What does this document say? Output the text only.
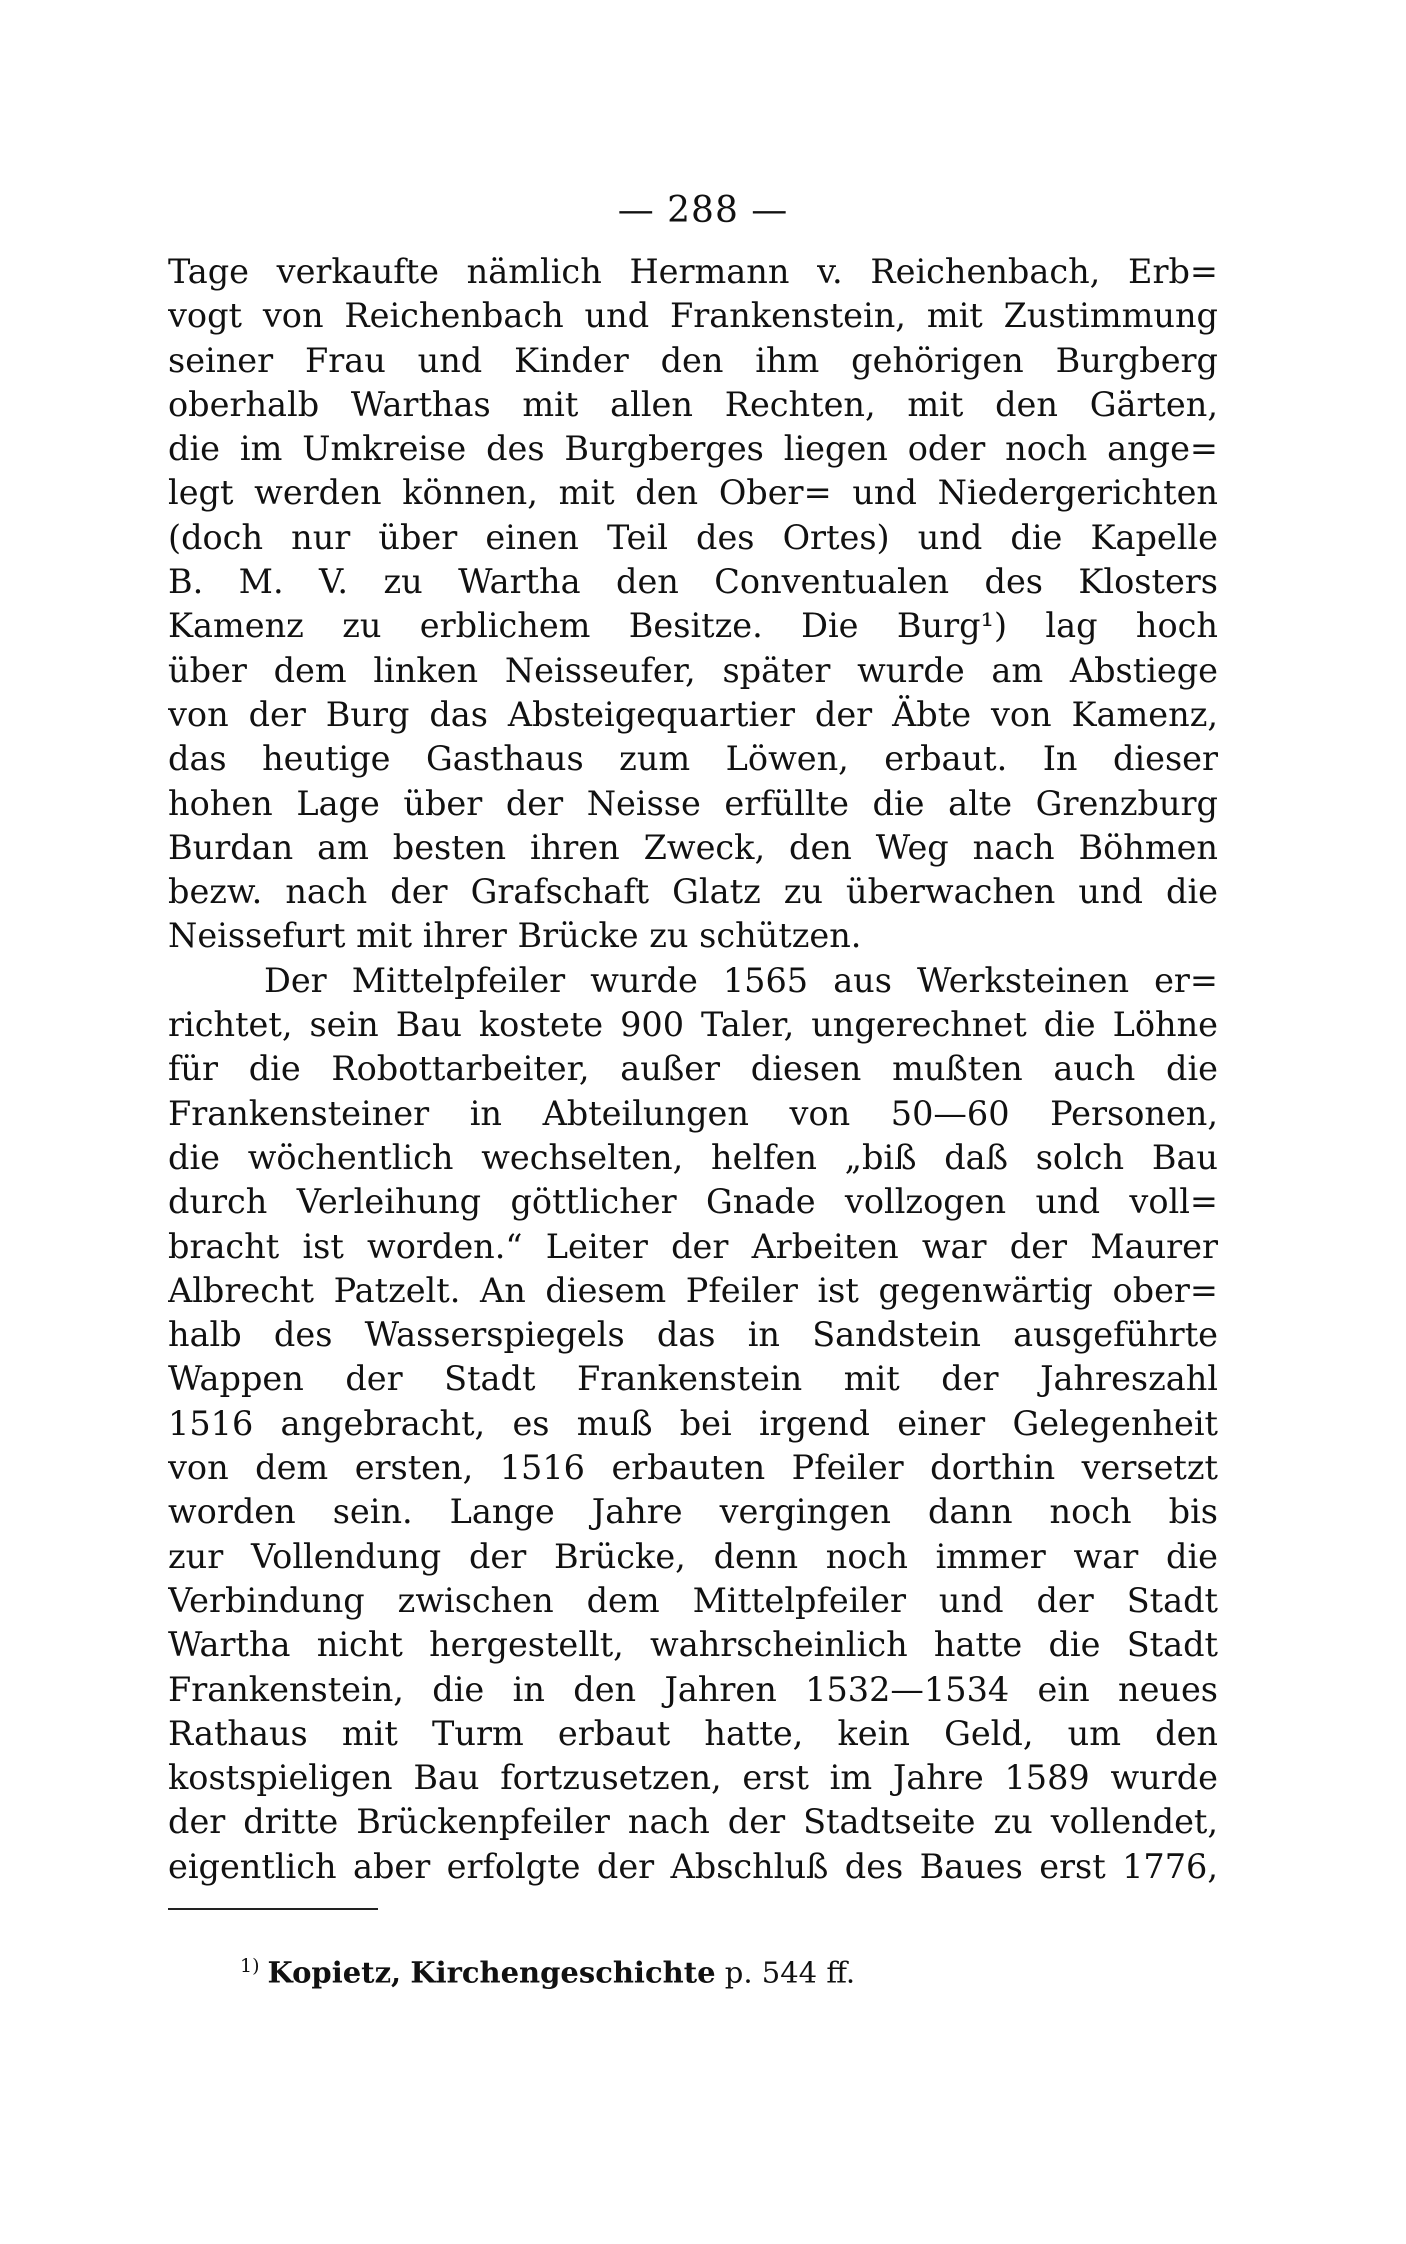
— 288 —
Tage verkaufte nämlich Hermann v. Reichenbach, Erb=
vogt von Reichenbach und Frankenstein, mit Zustimmung
seiner Frau und Kinder den ihm gehörigen Burgberg
oberhalb Warthas mit allen Rechten, mit den Gärten,
die im Umkreise des Burgberges liegen oder noch ange=
legt werden können, mit den Ober= und Niedergerichten
(doch nur über einen Teil des Ortes) und die Kapelle
B. M. V. zu Wartha den Conventualen des Klosters
Kamenz zu erblichem Besitze. Die Burg¹) lag hoch
über dem linken Neisseufer, später wurde am Abstiege
von der Burg das Absteigequartier der Äbte von Kamenz,
das heutige Gasthaus zum Löwen, erbaut. In dieser
hohen Lage über der Neisse erfüllte die alte Grenzburg
Burdan am besten ihren Zweck, den Weg nach Böhmen
bezw. nach der Grafschaft Glatz zu überwachen und die
Neissefurt mit ihrer Brücke zu schützen.
Der Mittelpfeiler wurde 1565 aus Werksteinen er=
richtet, sein Bau kostete 900 Taler, ungerechnet die Löhne
für die Robottarbeiter, außer diesen mußten auch die
Frankensteiner in Abteilungen von 50—60 Personen,
die wöchentlich wechselten, helfen „biß daß solch Bau
durch Verleihung göttlicher Gnade vollzogen und voll=
bracht ist worden.“ Leiter der Arbeiten war der Maurer
Albrecht Patzelt. An diesem Pfeiler ist gegenwärtig ober=
halb des Wasserspiegels das in Sandstein ausgeführte
Wappen der Stadt Frankenstein mit der Jahreszahl
1516 angebracht, es muß bei irgend einer Gelegenheit
von dem ersten, 1516 erbauten Pfeiler dorthin versetzt
worden sein. Lange Jahre vergingen dann noch bis
zur Vollendung der Brücke, denn noch immer war die
Verbindung zwischen dem Mittelpfeiler und der Stadt
Wartha nicht hergestellt, wahrscheinlich hatte die Stadt
Frankenstein, die in den Jahren 1532—1534 ein neues
Rathaus mit Turm erbaut hatte, kein Geld, um den
kostspieligen Bau fortzusetzen, erst im Jahre 1589 wurde
der dritte Brückenpfeiler nach der Stadtseite zu vollendet,
eigentlich aber erfolgte der Abschluß des Baues erst 1776,
$^{1)}$ Kopietz, Kirchengeschichte p. 544 ff.
